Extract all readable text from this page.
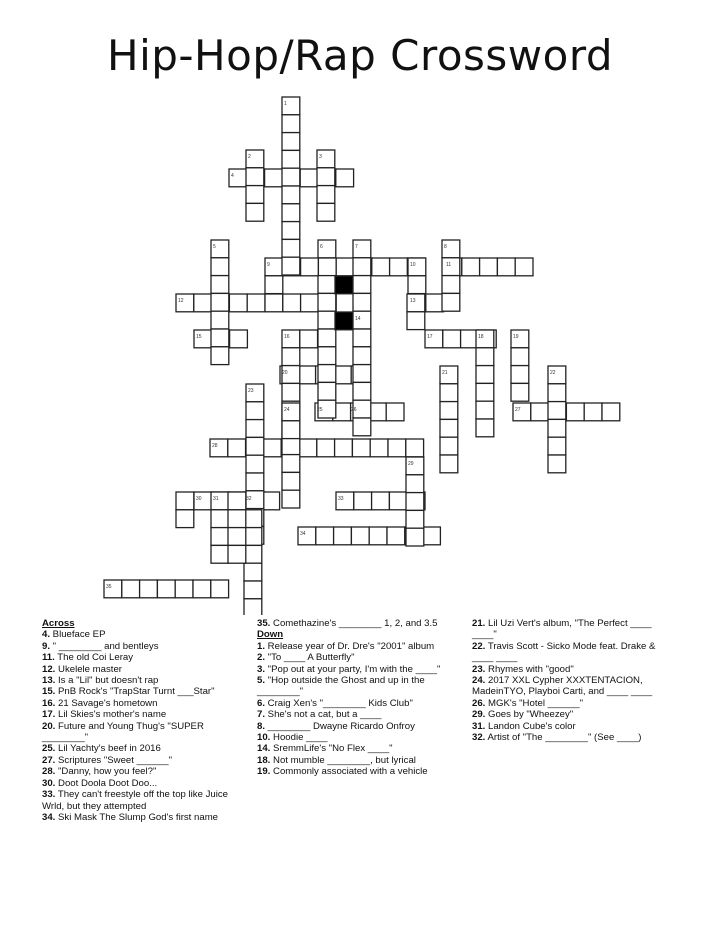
Hip-Hop/Rap Crossword
1
2	3
4
5	6	7	8
9	10	11
12	13
14
15	16	17	18	19
20	21	22
23
24	25	26	27
28
29
30 31	32	33
34
35
Across
4. Blueface EP
9. " ________ and bentleys
11. The old Coi Leray
12. Ukelele master
13. Is a "Lil" but doesn't rap
15. PnB Rock's "TrapStar Turnt ___Star"
16. 21 Savage's hometown
17. Lil Skies's mother's name
20. Future and Young Thug's "SUPER ________"
25. Lil Yachty's beef in 2016
27. Scriptures "Sweet ______"
28. "Danny, how you feel?"
30. Doot Doola Doot Doo...
33. They can't freestyle off the top like Juice Wrld, but they attempted
34. Ski Mask The Slump God's first name
35. Comethazine's ________ 1, 2, and 3.5
Down
1. Release year of Dr. Dre's "2001" album
2. "To ____ A Butterfly"
3. "Pop out at your party, I'm with the ____"
5. "Hop outside the Ghost and up in the ________"
6. Craig Xen's "________ Kids Club"
7. She's not a cat, but a ____
8. ________ Dwayne Ricardo Onfroy
10. Hoodie ____
14. SremmLife's "No Flex ____"
18. Not mumble ________, but lyrical
19. Commonly associated with a vehicle
21. Lil Uzi Vert's album, "The Perfect ____ ____"
22. Travis Scott - Sicko Mode feat. Drake & ____ ____
23. Rhymes with "good"
24. 2017 XXL Cypher XXXTENTACION, MadeinTYO, Playboi Carti, and ____ ____
26. MGK's "Hotel ______"
29. Goes by "Wheezey"
31. Landon Cube's color
32. Artist of "The ________" (See ____)
